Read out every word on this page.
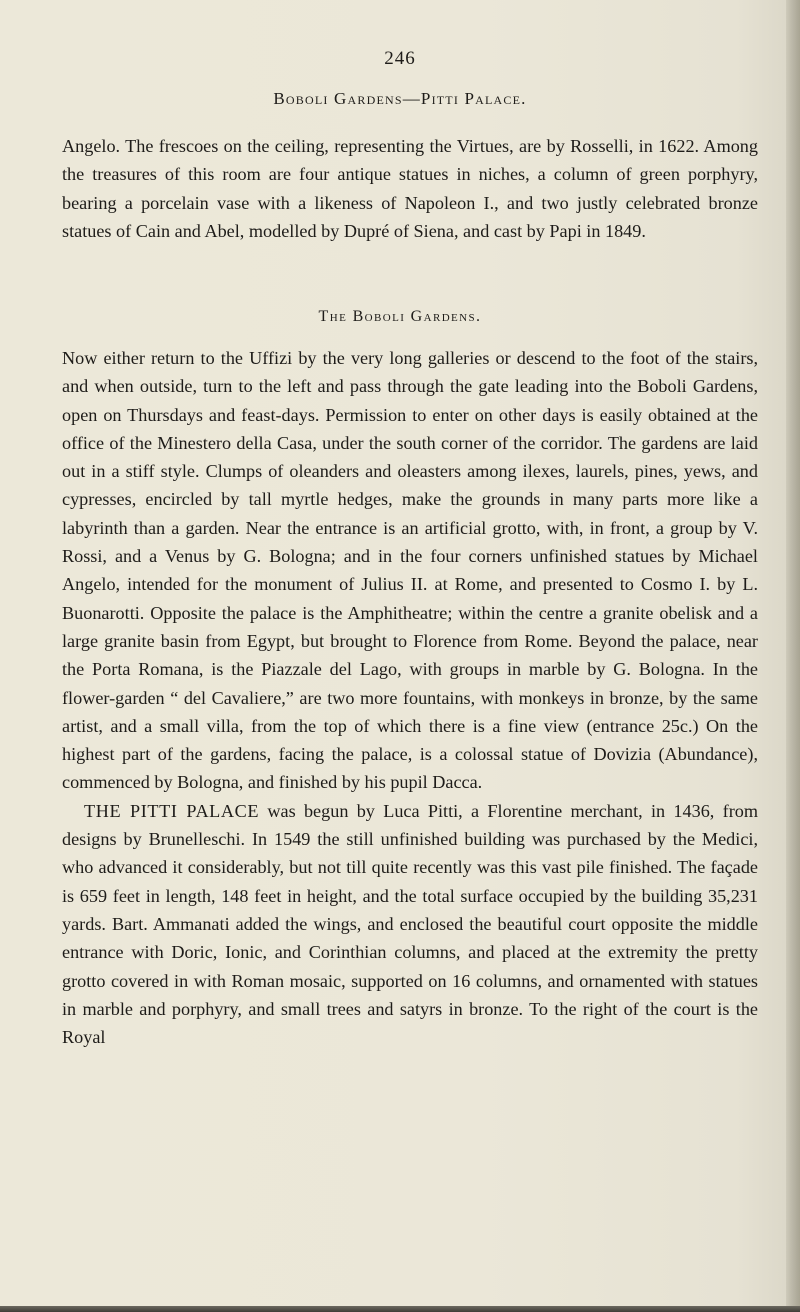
246
Boboli Gardens—Pitti Palace.

Angelo. The frescoes on the ceiling, representing the Virtues, are by Rosselli, in 1622. Among the treasures of this room are four antique statues in niches, a column of green porphyry, bearing a porcelain vase with a likeness of Napoleon I., and two justly celebrated bronze statues of Cain and Abel, modelled by Dupré of Siena, and cast by Papi in 1849.

The Boboli Gardens.

Now either return to the Uffizi by the very long galleries or descend to the foot of the stairs, and when outside, turn to the left and pass through the gate leading into the Boboli Gardens, open on Thursdays and feast-days. Permission to enter on other days is easily obtained at the office of the Minestero della Casa, under the south corner of the corridor. The gardens are laid out in a stiff style. Clumps of oleanders and oleasters among ilexes, laurels, pines, yews, and cypresses, encircled by tall myrtle hedges, make the grounds in many parts more like a labyrinth than a garden. Near the entrance is an artificial grotto, with, in front, a group by V. Rossi, and a Venus by G. Bologna; and in the four corners unfinished statues by Michael Angelo, intended for the monument of Julius II. at Rome, and presented to Cosmo I. by L. Buonarotti. Opposite the palace is the Amphitheatre; within the centre a granite obelisk and a large granite basin from Egypt, but brought to Florence from Rome. Beyond the palace, near the Porta Romana, is the Piazzale del Lago, with groups in marble by G. Bologna. In the flower-garden “ del Cavaliere,” are two more fountains, with monkeys in bronze, by the same artist, and a small villa, from the top of which there is a fine view (entrance 25c.) On the highest part of the gardens, facing the palace, is a colossal statue of Dovizia (Abundance), commenced by Bologna, and finished by his pupil Dacca.

THE PITTI PALACE was begun by Luca Pitti, a Florentine merchant, in 1436, from designs by Brunelleschi. In 1549 the still unfinished building was purchased by the Medici, who advanced it considerably, but not till quite recently was this vast pile finished. The façade is 659 feet in length, 148 feet in height, and the total surface occupied by the building 35,231 yards. Bart. Ammanati added the wings, and enclosed the beautiful court opposite the middle entrance with Doric, Ionic, and Corinthian columns, and placed at the extremity the pretty grotto covered in with Roman mosaic, supported on 16 columns, and ornamented with statues in marble and porphyry, and small trees and satyrs in bronze. To the right of the court is the Royal
